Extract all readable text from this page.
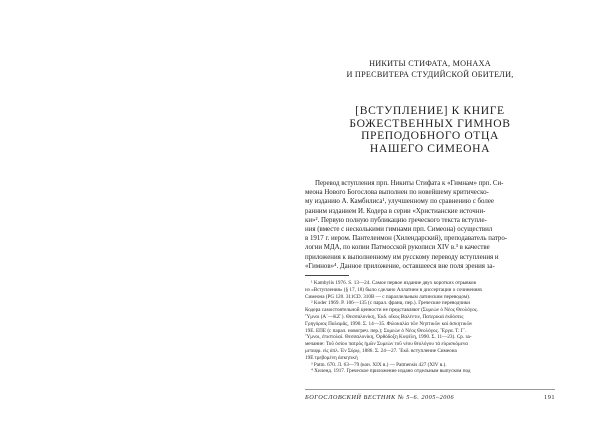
НИКИТЫ СТИФАТА, МОНАХА
И ПРЕСВИТЕРА СТУДИЙСКОЙ ОБИТЕЛИ,
[ВСТУПЛЕНИЕ] К КНИГЕ
БОЖЕСТВЕННЫХ ГИМНОВ
ПРЕПОДОБНОГО ОТЦА
НАШЕГО СИМЕОНА
Перевод вступления прп. Никиты Стифата к «Гимнам» прп. Си-
меона Нового Богослова выполнен по новейшему критическо-
му изданию А. Камбилиса¹, улучшенному по сравнению с более
ранним изданием И. Кодера в серии «Христианские источни-
ки»². Первую полную публикацию греческого текста вступле-
ния (вместе с несколькими гимнами прп. Симеона) осуществил
в 1917 г. иером. Пантелеимон (Хилендарский), преподаватель патро-
логии МДА, по копии Патмосской рукописи XIV в.³ в качестве
приложения к выполненному им русскому переводу вступления и
«Гимнов»⁴. Данное приложение, оставшееся вне поля зрения за-
¹ Kambylis 1976. S. 13—24. Самое первое издание двух коротких отрывков
из «Вступления» (§ 17, 18) было сделано Аллатием в диссертации о сочинениях
Симеона (PG 120. 311CD. 310B — с параллельным латинским переводом).
² Koder 1969. P. 106—135 (с парал. франц. пер.). Греческие переводчики
Кодера самостоятельной ценности не представляют (Συμεὼν ὁ Νέος Θεολόγος.
Ὕμνοι (Α΄—ΚΖ΄). Θεσσαλονίκη, Ἐκδ. οἶκος Βαλέντιν, Πατερικαὶ ἐκδόσεις
Γρηγόριος Παλαμᾶς, 1990. Σ. 14—35. Φιλοκαλία τῶν Νηπτικῶν καὶ ἀσκητικῶν
19Ε. ΕΠΕ (с парал. новогреч. пер.); Συμεὼν ὁ Νέος Θεολόγος. Ἔργα. Τ. Γ΄.
Ὕμνοι, ἐπιστολαί. Θεσσαλονίκη, Ὀρθόδοξη Κυψέλη, 1990. Σ. 11—23). Ср. за-
мечание: Τοῦ ὁσίου πατρὸς ἡμῶν Συμεὼν τοῦ νέου θεολόγου τὰ εὑρισκόμενα
μεταφρ. εἰς ἁπλ. Ἐν Σύρῳ, 1886. Σ. 24—27. Ἔκδ. вступление Симеона
19Ε τρεβομένη ἀσκητική
³ Patm. 670. Л. 63—79 (кон. XIX в.) — Patmensis 427 (XIV в.).
⁴ Хиленд. 1917. Греческое приложение издано отдельным выпуском под
БОГОСЛОВСКИЙ ВЕСТНИК № 5–6. 2005–2006	191
